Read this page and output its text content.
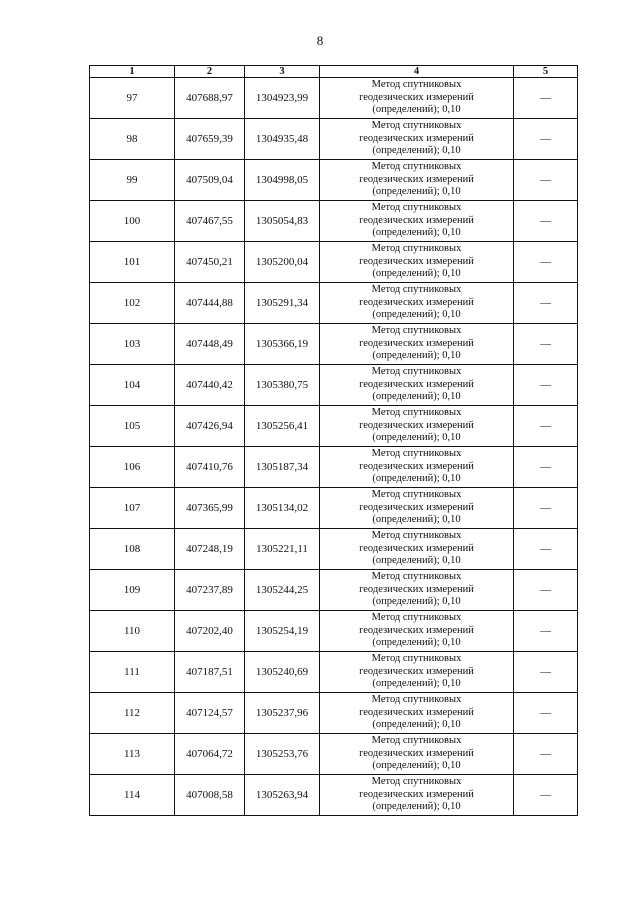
8
1	2	3	4	5
97	407688,97	1304923,99	Метод спутниковых
геодезических измерений
(определений); 0,10	—
98	407659,39	1304935,48	Метод спутниковых
геодезических измерений
(определений); 0,10	—
99	407509,04	1304998,05	Метод спутниковых
геодезических измерений
(определений); 0,10	—
100	407467,55	1305054,83	Метод спутниковых
геодезических измерений
(определений); 0,10	—
101	407450,21	1305200,04	Метод спутниковых
геодезических измерений
(определений); 0,10	—
102	407444,88	1305291,34	Метод спутниковых
геодезических измерений
(определений); 0,10	—
103	407448,49	1305366,19	Метод спутниковых
геодезических измерений
(определений); 0,10	—
104	407440,42	1305380,75	Метод спутниковых
геодезических измерений
(определений); 0,10	—
105	407426,94	1305256,41	Метод спутниковых
геодезических измерений
(определений); 0,10	—
106	407410,76	1305187,34	Метод спутниковых
геодезических измерений
(определений); 0,10	—
107	407365,99	1305134,02	Метод спутниковых
геодезических измерений
(определений); 0,10	—
108	407248,19	1305221,11	Метод спутниковых
геодезических измерений
(определений); 0,10	—
109	407237,89	1305244,25	Метод спутниковых
геодезических измерений
(определений); 0,10	—
110	407202,40	1305254,19	Метод спутниковых
геодезических измерений
(определений); 0,10	—
111	407187,51	1305240,69	Метод спутниковых
геодезических измерений
(определений); 0,10	—
112	407124,57	1305237,96	Метод спутниковых
геодезических измерений
(определений); 0,10	—
113	407064,72	1305253,76	Метод спутниковых
геодезических измерений
(определений); 0,10	—
114	407008,58	1305263,94	Метод спутниковых
геодезических измерений
(определений); 0,10	—
